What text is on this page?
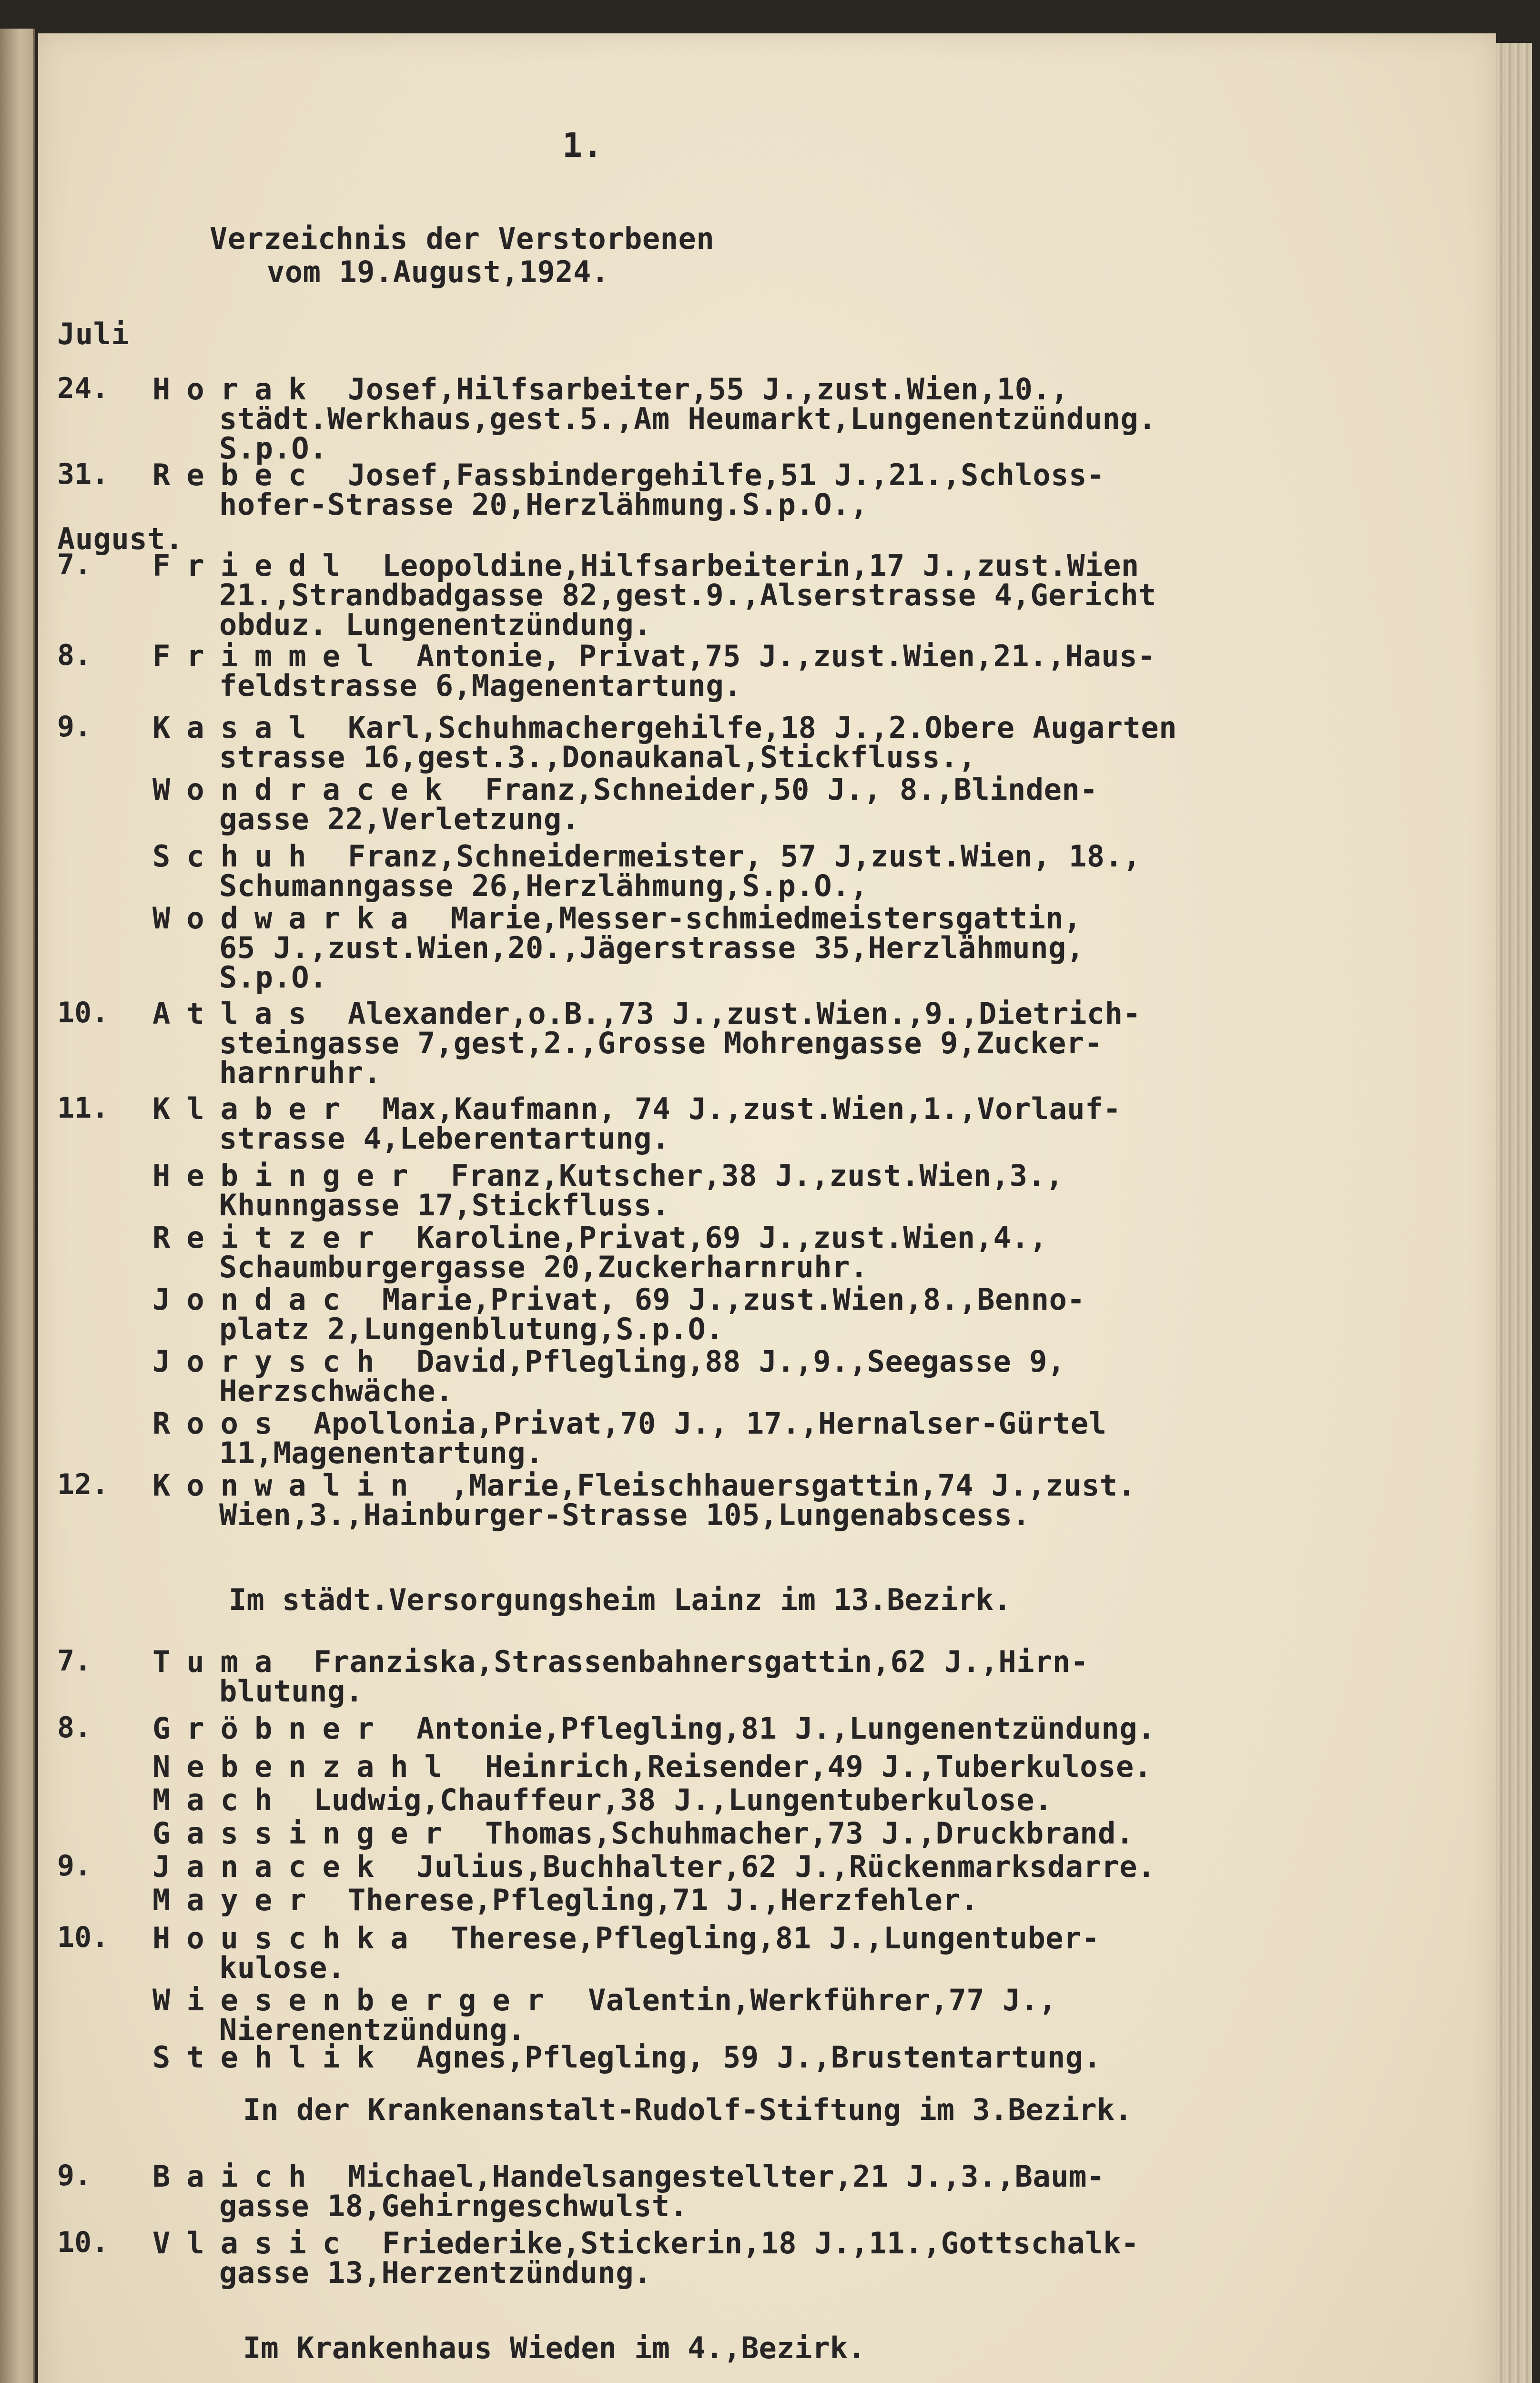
1.
Verzeichnis der Verstorbenen
vom 19.August,1924.
Juli
August.
24. Horak Josef,Hilfsarbeiter,55 J.,zust.Wien,10.,
städt.Werkhaus,gest.5.,Am Heumarkt,Lungenentzündung.
S.p.O.
31. Rebec Josef,Fassbindergehilfe,51 J.,21.,Schloss-
hofer-Strasse 20,Herzlähmung.S.p.O.,
7. Friedl Leopoldine,Hilfsarbeiterin,17 J.,zust.Wien
21.,Strandbadgasse 82,gest.9.,Alserstrasse 4,Gericht
obduz. Lungenentzündung.
8. Frimmel Antonie, Privat,75 J.,zust.Wien,21.,Haus-
feldstrasse 6,Magenentartung.
9. Kasal Karl,Schuhmachergehilfe,18 J.,2.Obere Augarten
strasse 16,gest.3.,Donaukanal,Stickfluss.,
Wondracek Franz,Schneider,50 J., 8.,Blinden-
gasse 22,Verletzung.
Schuh Franz,Schneidermeister, 57 J,zust.Wien, 18.,
Schumanngasse 26,Herzlähmung,S.p.O.,
Wodwarka Marie,Messer-schmiedmeistersgattin,
65 J.,zust.Wien,20.,Jägerstrasse 35,Herzlähmung,
S.p.O.
10. Atlas Alexander,o.B.,73 J.,zust.Wien.,9.,Dietrich-
steingasse 7,gest,2.,Grosse Mohrengasse 9,Zucker-
harnruhr.
11. Klaber Max,Kaufmann, 74 J.,zust.Wien,1.,Vorlauf-
strasse 4,Leberentartung.
Hebinger Franz,Kutscher,38 J.,zust.Wien,3.,
Khunngasse 17,Stickfluss.
Reitzer Karoline,Privat,69 J.,zust.Wien,4.,
Schaumburgergasse 20,Zuckerharnruhr.
Jondac Marie,Privat, 69 J.,zust.Wien,8.,Benno-
platz 2,Lungenblutung,S.p.O.
Jorysch David,Pflegling,88 J.,9.,Seegasse 9,
Herzschwäche.
Roos Apollonia,Privat,70 J., 17.,Hernalser-Gürtel
11,Magenentartung.
12. Konwalin ,Marie,Fleischhauersgattin,74 J.,zust.
Wien,3.,Hainburger-Strasse 105,Lungenabscess.
Im städt.Versorgungsheim Lainz im 13.Bezirk.
7. Tuma Franziska,Strassenbahnersgattin,62 J.,Hirn-
blutung.
8. Gröbner Antonie,Pflegling,81 J.,Lungenentzündung.
Nebenzahl Heinrich,Reisender,49 J.,Tuberkulose.
Mach Ludwig,Chauffeur,38 J.,Lungentuberkulose.
Gassinger Thomas,Schuhmacher,73 J.,Druckbrand.
9. Janacek Julius,Buchhalter,62 J.,Rückenmarksdarre.
Mayer Therese,Pflegling,71 J.,Herzfehler.
10. Houschka Therese,Pflegling,81 J.,Lungentuber-
kulose.
Wiesenberger Valentin,Werkführer,77 J.,
Nierenentzündung.
Stehlik Agnes,Pflegling, 59 J.,Brustentartung.
In der Krankenanstalt-Rudolf-Stiftung im 3.Bezirk.
9. Baich Michael,Handelsangestellter,21 J.,3.,Baum-
gasse 18,Gehirngeschwulst.
10. Vlasic Friederike,Stickerin,18 J.,11.,Gottschalk-
gasse 13,Herzentzündung.
Im Krankenhaus Wieden im 4.,Bezirk.
